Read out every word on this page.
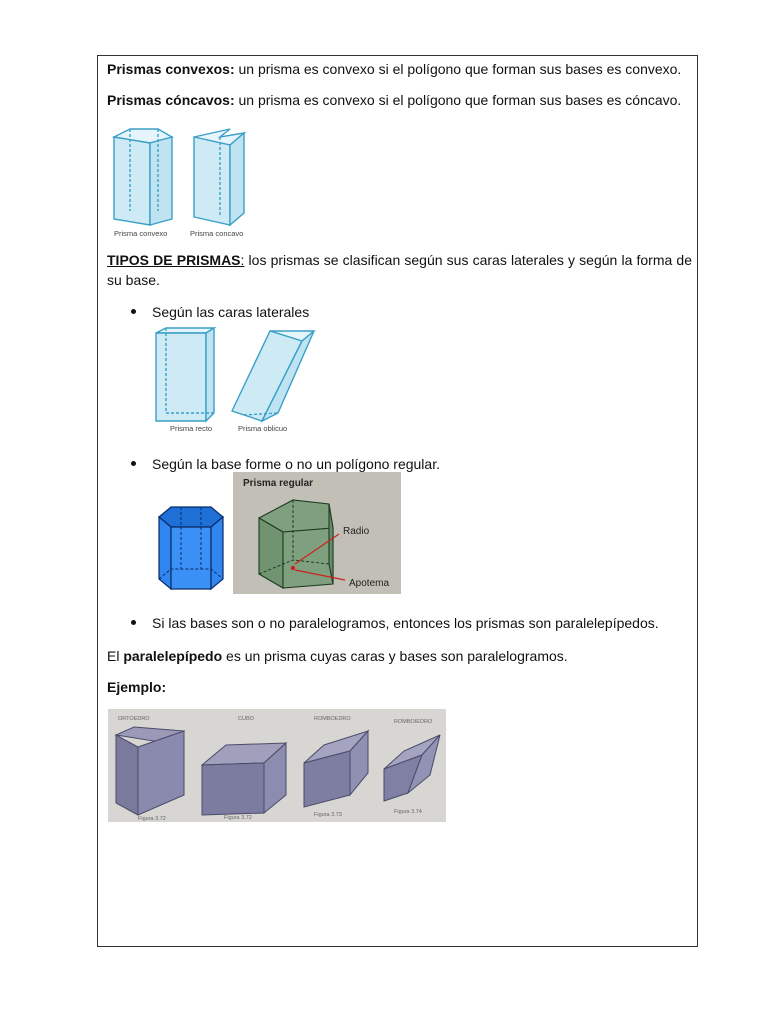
Prismas convexos: un prisma es convexo si el polígono que forman sus bases es convexo.
Prismas cóncavos: un prisma es convexo si el polígono que forman sus bases es cóncavo.
Prisma convexo	Prisma concavo
TIPOS DE PRISMAS: los prismas se clasifican según sus caras laterales y según la forma de su base.
Según las caras laterales
Prisma recto	Prisma oblicuo
Según la base forme o no un polígono regular.
Prisma regular
Radio
Apotema
Si las bases son o no paralelogramos, entonces los prismas son paralelepípedos.
El paralelepípedo es un prisma cuyas caras y bases son paralelogramos.
Ejemplo:
ORTOEDRO	CUBO	ROMBOEDRO	ROMBOIEDRO
Figura 3.72	Figura 3.72	Figura 3.73	Figura 3.74
